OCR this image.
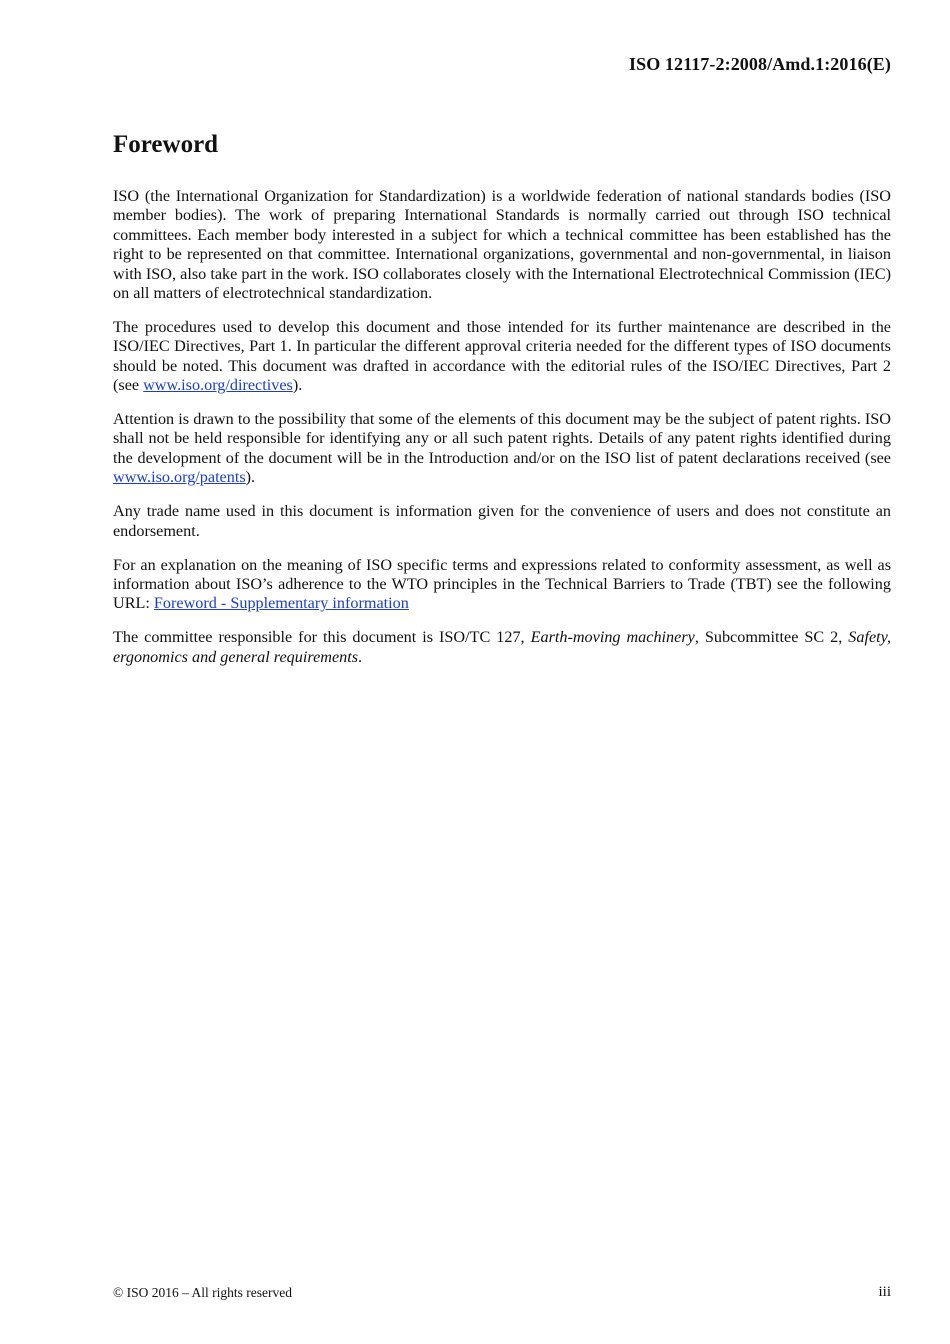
ISO 12117-2:2008/Amd.1:2016(E)
Foreword

ISO (the International Organization for Standardization) is a worldwide federation of national standards bodies (ISO member bodies). The work of preparing International Standards is normally carried out through ISO technical committees. Each member body interested in a subject for which a technical committee has been established has the right to be represented on that committee. International organizations, governmental and non-governmental, in liaison with ISO, also take part in the work. ISO collaborates closely with the International Electrotechnical Commission (IEC) on all matters of electrotechnical standardization.

The procedures used to develop this document and those intended for its further maintenance are described in the ISO/IEC Directives, Part 1. In particular the different approval criteria needed for the different types of ISO documents should be noted. This document was drafted in accordance with the editorial rules of the ISO/IEC Directives, Part 2 (see www.iso.org/directives).

Attention is drawn to the possibility that some of the elements of this document may be the subject of patent rights. ISO shall not be held responsible for identifying any or all such patent rights. Details of any patent rights identified during the development of the document will be in the Introduction and/or on the ISO list of patent declarations received (see www.iso.org/patents).

Any trade name used in this document is information given for the convenience of users and does not constitute an endorsement.

For an explanation on the meaning of ISO specific terms and expressions related to conformity assessment, as well as information about ISO’s adherence to the WTO principles in the Technical Barriers to Trade (TBT) see the following URL: Foreword - Supplementary information

The committee responsible for this document is ISO/TC 127, Earth-moving machinery, Subcommittee SC 2, Safety, ergonomics and general requirements.

© ISO 2016 – All rights reserved	iii
